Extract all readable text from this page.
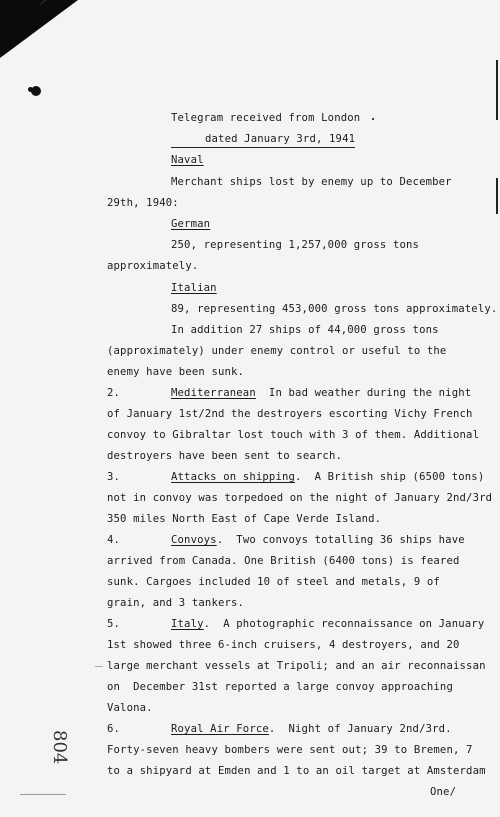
Telegram received from London
dated January 3rd, 1941
Naval
Merchant ships lost by enemy up to December
29th, 1940:
German
250, representing 1,257,000 gross tons
approximately.
Italian
89, representing 453,000 gross tons approximately.
In addition 27 ships of 44,000 gross tons
(approximately) under enemy control or useful to the
enemy have been sunk.
2.	Mediterranean  In bad weather during the night
of January 1st/2nd the destroyers escorting Vichy French
convoy to Gibraltar lost touch with 3 of them. Additional
destroyers have been sent to search.
3.	Attacks on shipping.  A British ship (6500 tons)
not in convoy was torpedoed on the night of January 2nd/3rd
350 miles North East of Cape Verde Island.
4.	Convoys.  Two convoys totalling 36 ships have
arrived from Canada. One British (6400 tons) is feared
sunk. Cargoes included 10 of steel and metals, 9 of
grain, and 3 tankers.
5.	Italy.  A photographic reconnaissance on January
1st showed three 6-inch cruisers, 4 destroyers, and 20
large merchant vessels at Tripoli; and an air reconnaissan
on  December 31st reported a large convoy approaching
Valona.
6.	Royal Air Force.  Night of January 2nd/3rd.
Forty-seven heavy bombers were sent out; 39 to Bremen, 7
to a shipyard at Emden and 1 to an oil target at Amsterdam
One/
804
